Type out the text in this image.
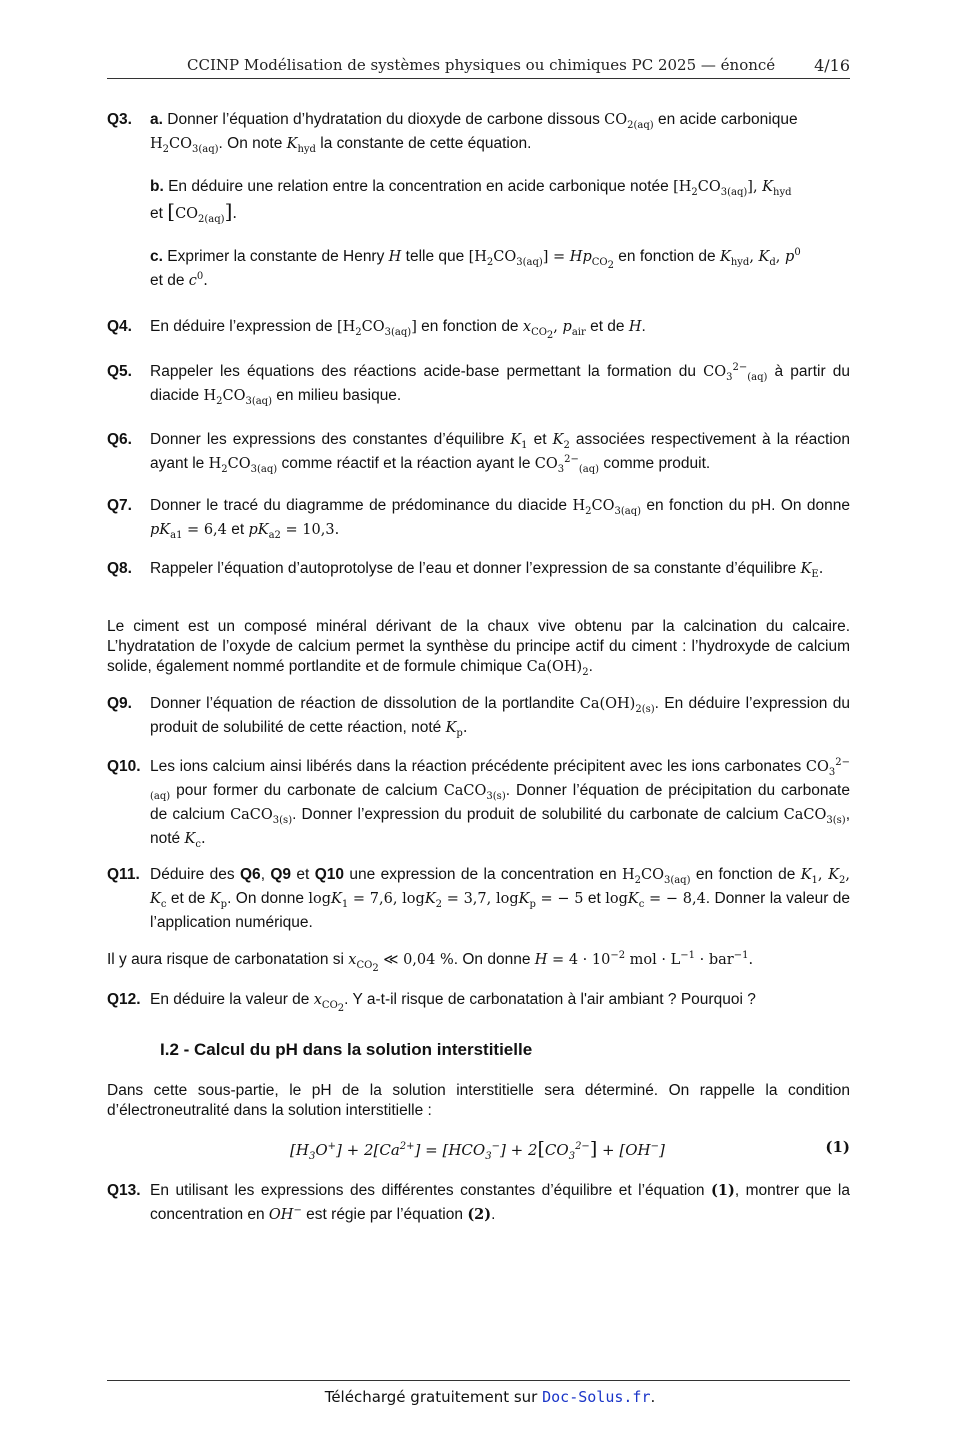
CCINP Modélisation de systèmes physiques ou chimiques PC 2025 — énoncé 4/16
Q3. a. Donner l’équation d’hydratation du dioxyde de carbone dissous $CO_{2(aq)}$ en acide carbonique
$H_2CO_{3(aq)}$. On note $K_{hyd}$ la constante de cette équation.
b. En déduire une relation entre la concentration en acide carbonique notée $[H_2CO_{3(aq)}]$, $K_{hyd}$
et $[CO_{2(aq)}]$.
c. Exprimer la constante de Henry H telle que $[H_2CO_{3(aq)}] = Hp_{CO_2}$ en fonction de $K_{hyd}$, $K_d$, $p^0$
et de $c^0$.
Q4. En déduire l’expression de $[H_2CO_{3(aq)}]$ en fonction de $x_{CO_2}$, $p_{air}$ et de H.
Q5. Rappeler les équations des réactions acide-base permettant la formation du $CO_3^{2-}_{(aq)}$ à partir du diacide $H_2CO_{3(aq)}$ en milieu basique.
Q6. Donner les expressions des constantes d’équilibre $K_1$ et $K_2$ associées respectivement à la réaction ayant le $H_2CO_{3(aq)}$ comme réactif et la réaction ayant le $CO_3^{2-}_{(aq)}$ comme produit.
Q7. Donner le tracé du diagramme de prédominance du diacide $H_2CO_{3(aq)}$ en fonction du pH. On donne $pK_{a1} = 6,4$ et $pK_{a2} = 10,3$.
Q8. Rappeler l’équation d’autoprotolyse de l’eau et donner l’expression de sa constante d’équilibre $K_E$.
Le ciment est un composé minéral dérivant de la chaux vive obtenu par la calcination du calcaire. L’hydratation de l’oxyde de calcium permet la synthèse du principe actif du ciment : l’hydroxyde de calcium solide, également nommé portlandite et de formule chimique $Ca(OH)_2$.
Q9. Donner l’équation de réaction de dissolution de la portlandite $Ca(OH)_{2(s)}$. En déduire l’expression du produit de solubilité de cette réaction, noté $K_p$.
Q10. Les ions calcium ainsi libérés dans la réaction précédente précipitent avec les ions carbonates $CO_3^{2-}_{(aq)}$ pour former du carbonate de calcium CaCO$_{3(s)}$. Donner l’équation de précipitation du carbonate de calcium CaCO$_{3(s)}$. Donner l’expression du produit de solubilité du carbonate de calcium CaCO$_{3(s)}$, noté $K_c$.
Q11. Déduire des Q6, Q9 et Q10 une expression de la concentration en $H_2CO_{3(aq)}$ en fonction de $K_1$, $K_2$, $K_c$ et de $K_p$. On donne logK$_1$ = 7,6, logK$_2$ = 3,7, logK$_p$ = − 5 et logK$_c$ = − 8,4. Donner la valeur de l’application numérique.
Il y aura risque de carbonatation si $x_{CO_2}$ ≪ 0,04 %. On donne $H = 4 \cdot 10^{-2}$ mol · $L^{-1} \cdot bar^{-1}$.
Q12. En déduire la valeur de $x_{CO_2}$. Y a-t-il risque de carbonatation à l'air ambiant ? Pourquoi ?
I.2 - Calcul du pH dans la solution interstitielle
Dans cette sous-partie, le pH de la solution interstitielle sera déterminé. On rappelle la condition d’électroneutralité dans la solution interstitielle :
$[H_3O^+] + 2[Ca^{2+}] = [HCO_3^-] + 2[CO_3^{2-}] + [OH^-]$	(1)
Q13. En utilisant les expressions des différentes constantes d’équilibre et l’équation (1), montrer que la concentration en OH− est régie par l’équation (2).
Téléchargé gratuitement sur Doc-Solus.fr.
